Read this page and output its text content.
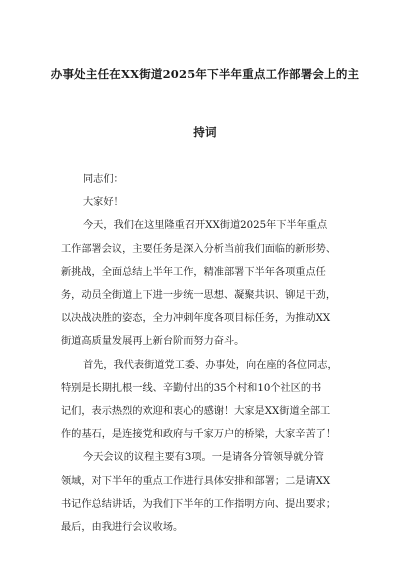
办事处主任在XX街道2025年下半年重点工作部署会上的主
持词
同志们：
大家好！
今天，我们在这里隆重召开XX街道2025年下半年重点
工作部署会议，主要任务是深入分析当前我们面临的新形势、
新挑战，全面总结上半年工作，精准部署下半年各项重点任
务，动员全街道上下进一步统一思想、凝聚共识、铆足干劲，
以决战决胜的姿态，全力冲刺年度各项目标任务，为推动XX
街道高质量发展再上新台阶而努力奋斗。
首先，我代表街道党工委、办事处，向在座的各位同志，
特别是长期扎根一线、辛勤付出的35个村和10个社区的书
记们，表示热烈的欢迎和衷心的感谢！大家是XX街道全部工
作的基石，是连接党和政府与千家万户的桥梁，大家辛苦了！
今天会议的议程主要有3项。一是请各分管领导就分管
领域，对下半年的重点工作进行具体安排和部署；二是请XX
书记作总结讲话，为我们下半年的工作指明方向、提出要求；
最后，由我进行会议收场。
